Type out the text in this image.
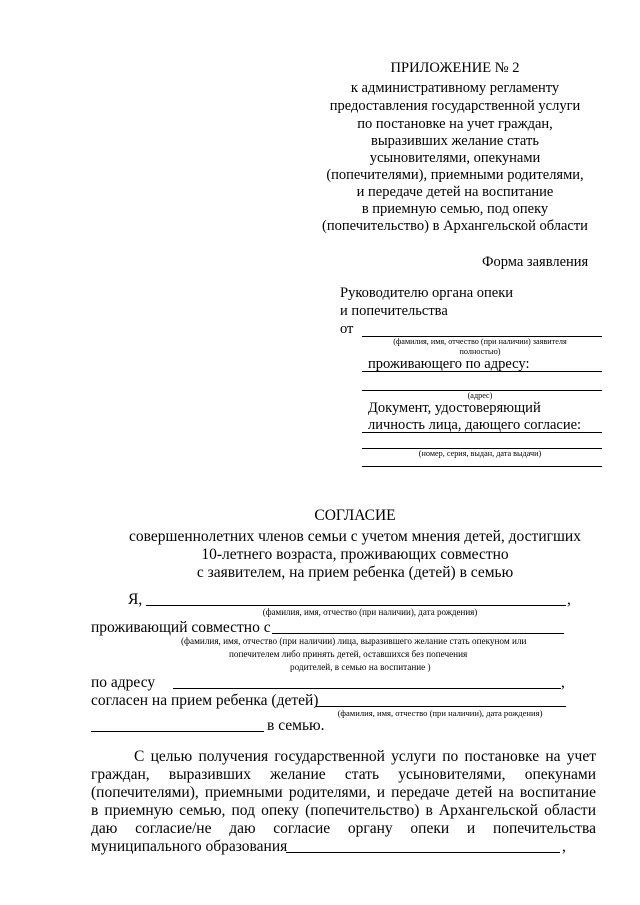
ПРИЛОЖЕНИЕ № 2
к административному регламенту
предоставления государственной услуги
по постановке на учет граждан,
выразивших желание стать
усыновителями, опекунами
(попечителями), приемными родителями,
и передаче детей на воспитание
в приемную семью, под опеку
(попечительство) в Архангельской области
Форма заявления
Руководителю органа опеки
и попечительства
от
(фамилия, имя, отчество (при наличии) заявителя
полностью)
проживающего по адресу:
(адрес)
Документ, удостоверяющий
личность лица, дающего согласие:
(номер, серия, выдан, дата выдачи)
СОГЛАСИЕ
совершеннолетних членов семьи с учетом мнения детей, достигших
10-летнего возраста, проживающих совместно
с заявителем, на прием ребенка (детей) в семью
Я,	,
(фамилия, имя, отчество (при наличии), дата рождения)
проживающий совместно с
(фамилия, имя, отчество (при наличии) лица, выразившего желание стать опекуном или
попечителем либо принять детей, оставшихся без попечения
родителей, в семью на воспитание )
по адресу	,
согласен на прием ребенка (детей)
(фамилия, имя, отчество (при наличии), дата рождения)
в семью.
С целью получения государственной услуги по постановке на учет
граждан, выразивших желание стать усыновителями, опекунами
(попечителями), приемными родителями, и передаче детей на воспитание
в приемную семью, под опеку (попечительство) в Архангельской области
даю согласие/не даю согласие органу опеки и попечительства
муниципального образования	,
